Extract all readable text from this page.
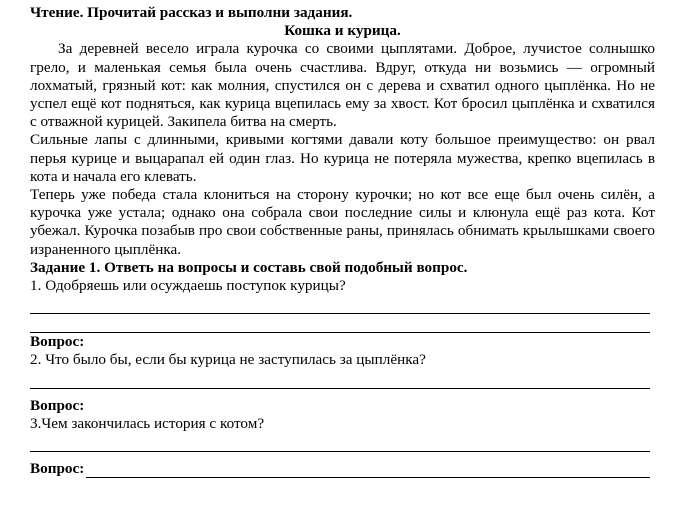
Чтение. Прочитай рассказ и выполни задания.
Кошка и курица.

За деревней весело играла курочка со своими цыплятами. Доброе, лучистое солнышко грело, и маленькая семья была очень счастлива. Вдруг, откуда ни возьмись — огромный лохматый, грязный кот: как молния, спустился он с дерева и схватил одного цыплёнка. Но не успел ещё кот подняться, как курица вцепилась ему за хвост. Кот бросил цыплёнка и схватился с отважной курицей. Закипела битва на смерть.

Сильные лапы с длинными, кривыми когтями давали коту большое преимущество: он рвал перья курице и выцарапал ей один глаз. Но курица не потеряла мужества, крепко вцепилась в кота и начала его клевать.

Теперь уже победа стала клониться на сторону курочки; но кот все еще был очень силён, а курочка уже устала; однако она собрала свои последние силы и клюнула ещё раз кота. Кот убежал. Курочка позабыв про свои собственные раны, принялась обнимать крылышками своего израненного цыплёнка.

Задание 1. Ответь на вопросы и составь свой подобный вопрос.
1. Одобряешь или осуждаешь поступок курицы?
Вопрос:
2. Что было бы, если бы курица не заступилась за цыплёнка?
Вопрос:
3.Чем закончилась история с котом?
Вопрос:
